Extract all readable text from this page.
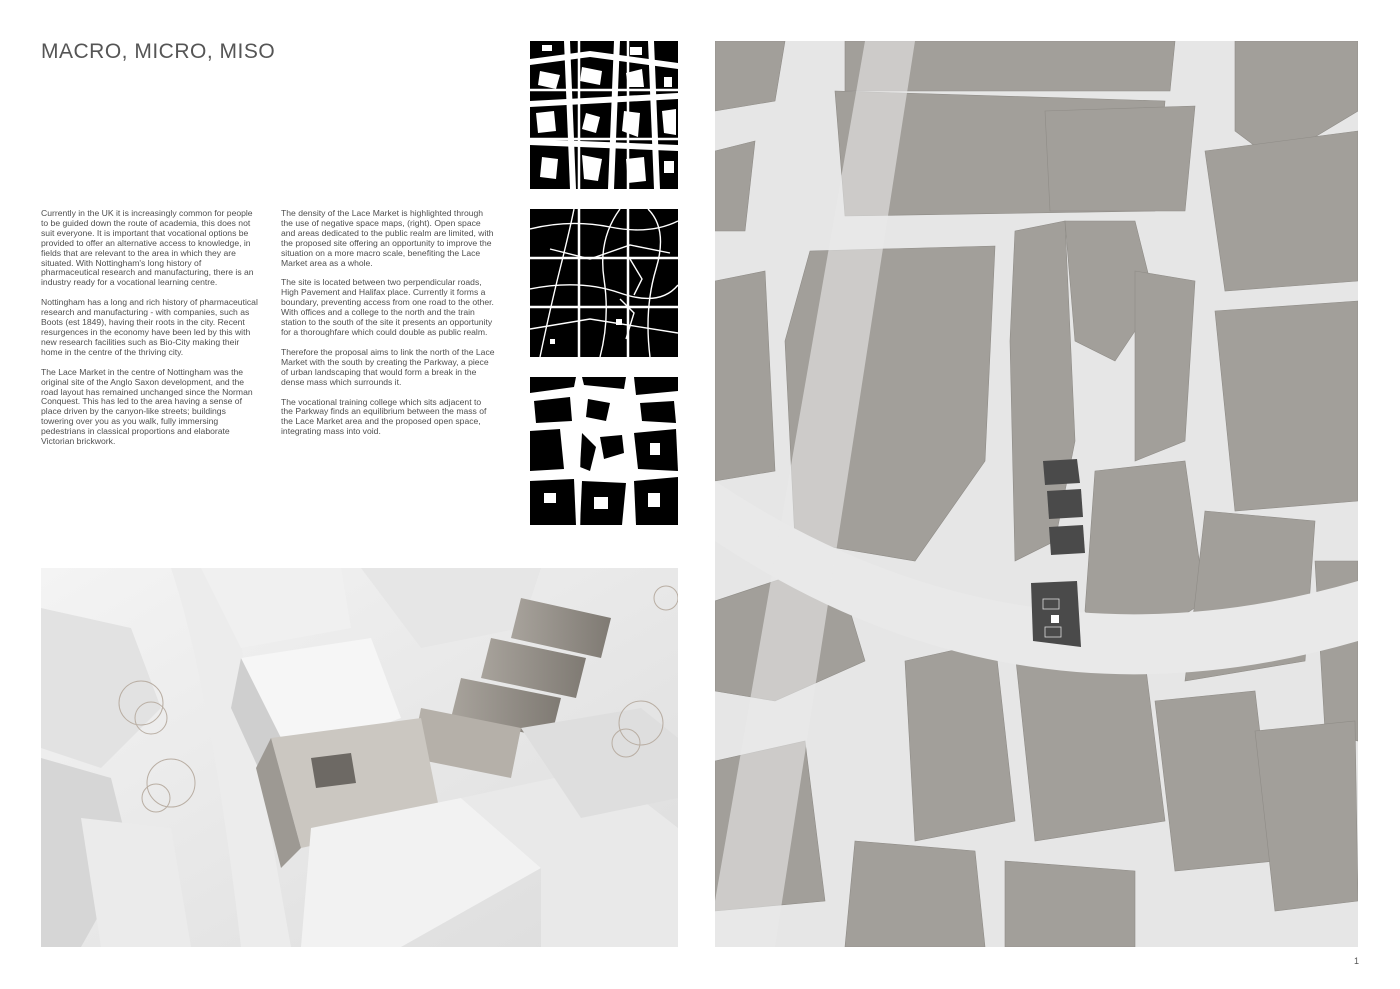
MACRO, MICRO, MISO

Currently in the UK it is increasingly common for people to be guided down the route of academia, this does not suit everyone. It is important that vocational options be provided to offer an alternative access to knowledge, in fields that are relevant to the area in which they are situated. With Nottingham's long history of pharmaceutical research and manufacturing, there is an industry ready for a vocational learning centre.

Nottingham has a long and rich history of pharmaceutical research and manufacturing - with companies, such as Boots (est 1849), having their roots in the city. Recent resurgences in the economy have been led by this with new research facilities such as Bio-City making their home in the centre of the thriving city.

The Lace Market in the centre of Nottingham was the original site of the Anglo Saxon development, and the road layout has remained unchanged since the Norman Conquest. This has led to the area having a sense of place driven by the canyon-like streets; buildings towering over you as you walk, fully immersing pedestrians in classical proportions and elaborate Victorian brickwork.

The density of the Lace Market is highlighted through the use of negative space maps, (right). Open space and areas dedicated to the public realm are limited, with the proposed site offering an opportunity to improve the situation on a more macro scale, benefiting the Lace Market area as a whole.

The site is located between two perpendicular roads, High Pavement and Halifax place. Currently it forms a boundary, preventing access from one road to the other. With offices and a college to the north and the train station to the south of the site it presents an opportunity for a thoroughfare which could double as public realm.

Therefore the proposal aims to link the north of the Lace Market with the south by creating the Parkway, a piece of urban landscaping that would form a break in the dense mass which surrounds it.

The vocational training college which sits adjacent to the Parkway finds an equilibrium between the mass of the Lace Market area and the proposed open space, integrating mass into void.

1
